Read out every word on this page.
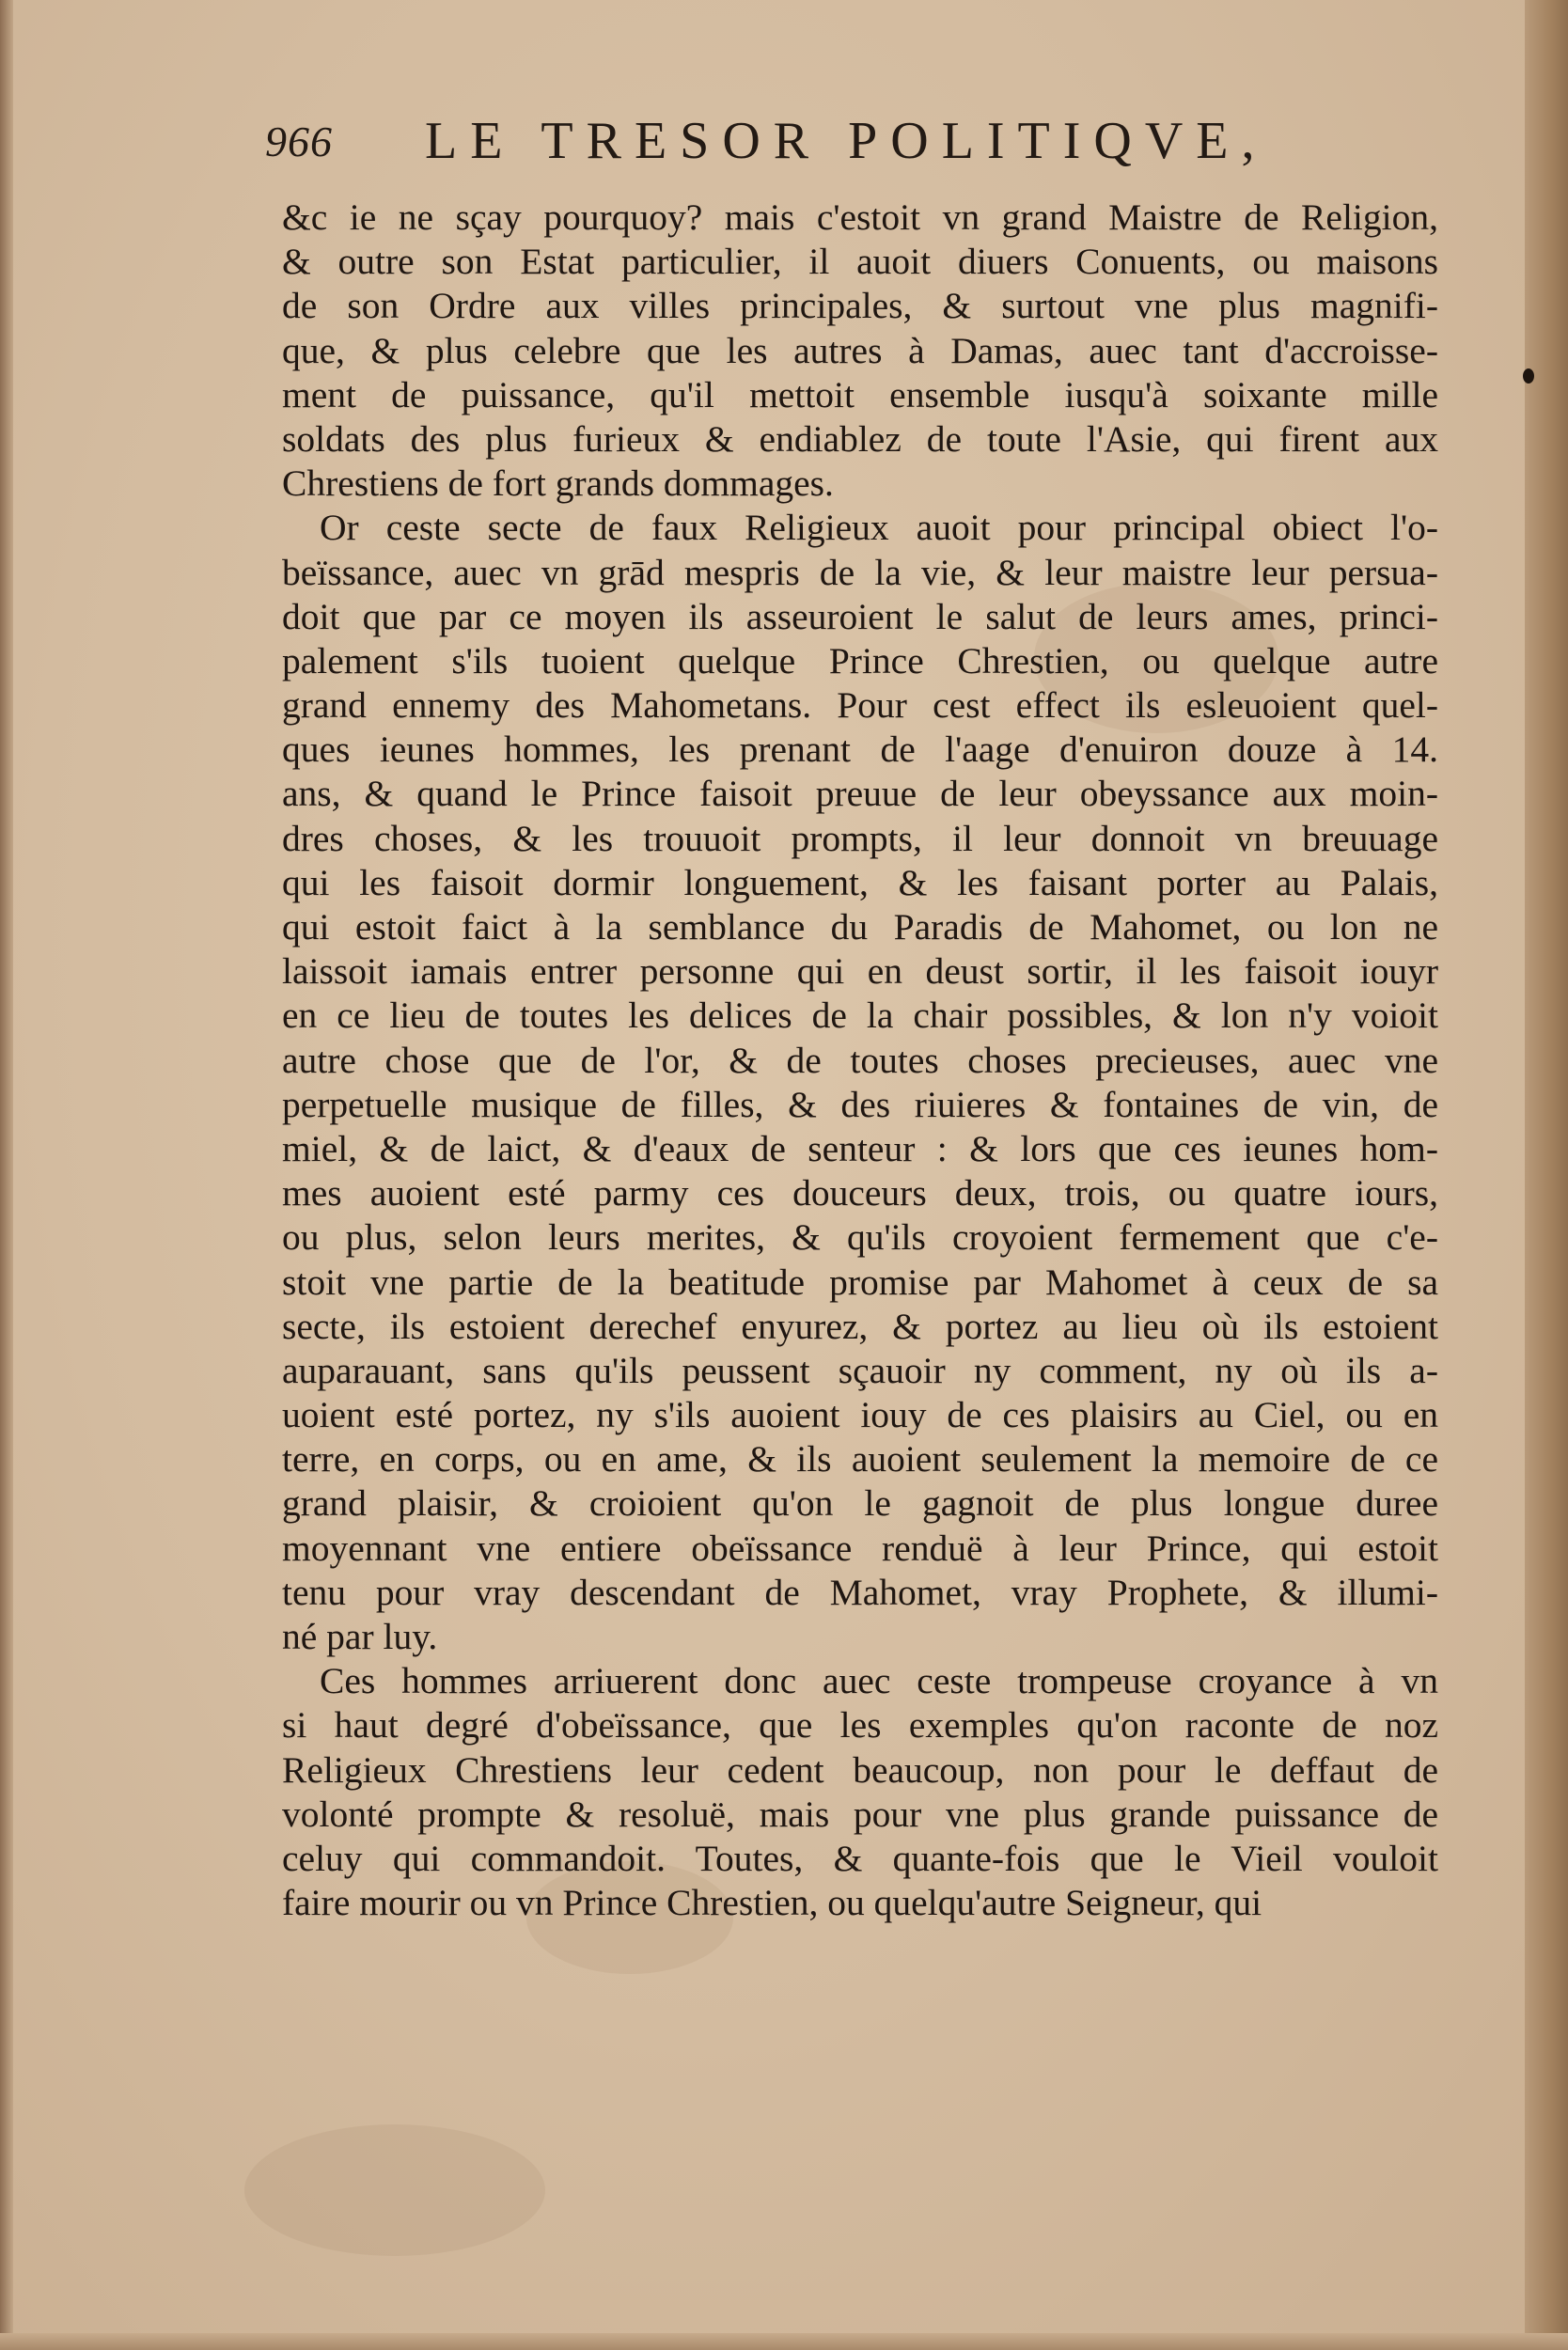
966 LE TRESOR POLITIQVE,
&c ie ne sçay pourquoy? mais c'estoit vn grand Maistre de Religion,
& outre son Estat particulier, il auoit diuers Conuents, ou maisons
de son Ordre aux villes principales, & surtout vne plus magnifi-
que, & plus celebre que les autres à Damas, auec tant d'accroisse-
ment de puissance, qu'il mettoit ensemble iusqu'à soixante mille
soldats des plus furieux & endiablez de toute l'Asie, qui firent aux
Chrestiens de fort grands dommages.
Or ceste secte de faux Religieux auoit pour principal obiect l'o-
beïssance, auec vn grād mespris de la vie, & leur maistre leur persua-
doit que par ce moyen ils asseuroient le salut de leurs ames, princi-
palement s'ils tuoient quelque Prince Chrestien, ou quelque autre
grand ennemy des Mahometans. Pour cest effect ils esleuoient quel-
ques ieunes hommes, les prenant de l'aage d'enuiron douze à 14.
ans, & quand le Prince faisoit preuue de leur obeyssance aux moin-
dres choses, & les trouuoit prompts, il leur donnoit vn breuuage
qui les faisoit dormir longuement, & les faisant porter au Palais,
qui estoit faict à la semblance du Paradis de Mahomet, ou lon ne
laissoit iamais entrer personne qui en deust sortir, il les faisoit iouyr
en ce lieu de toutes les delices de la chair possibles, & lon n'y voioit
autre chose que de l'or, & de toutes choses precieuses, auec vne
perpetuelle musique de filles, & des riuieres & fontaines de vin, de
miel, & de laict, & d'eaux de senteur : & lors que ces ieunes hom-
mes auoient esté parmy ces douceurs deux, trois, ou quatre iours,
ou plus, selon leurs merites, & qu'ils croyoient fermement que c'e-
stoit vne partie de la beatitude promise par Mahomet à ceux de sa
secte, ils estoient derechef enyurez, & portez au lieu où ils estoient
auparauant, sans qu'ils peussent sçauoir ny comment, ny où ils a-
uoient esté portez, ny s'ils auoient iouy de ces plaisirs au Ciel, ou en
terre, en corps, ou en ame, & ils auoient seulement la memoire de ce
grand plaisir, & croioient qu'on le gagnoit de plus longue duree
moyennant vne entiere obeïssance renduë à leur Prince, qui estoit
tenu pour vray descendant de Mahomet, vray Prophete, & illumi-
né par luy.
Ces hommes arriuerent donc auec ceste trompeuse croyance à vn
si haut degré d'obeïssance, que les exemples qu'on raconte de noz
Religieux Chrestiens leur cedent beaucoup, non pour le deffaut de
volonté prompte & resoluë, mais pour vne plus grande puissance de
celuy qui commandoit. Toutes, & quante-fois que le Vieil vouloit
faire mourir ou vn Prince Chrestien, ou quelqu'autre Seigneur, qui
